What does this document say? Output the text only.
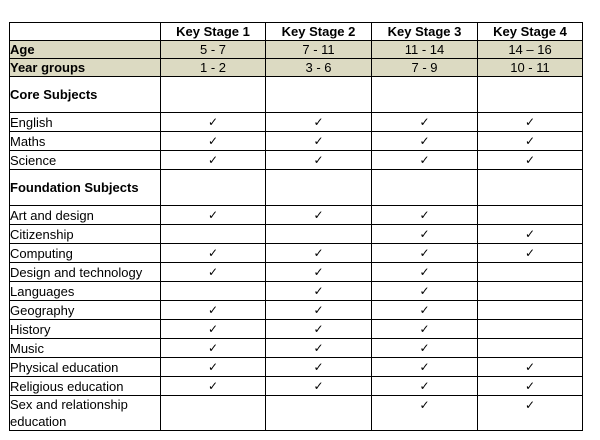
	Key Stage 1	Key Stage 2	Key Stage 3	Key Stage 4
Age	5 - 7	7 - 11	11 - 14	14 – 16
Year groups	1 - 2	3 - 6	7 - 9	10 - 11
Core Subjects				
English	✓	✓	✓	✓
Maths	✓	✓	✓	✓
Science	✓	✓	✓	✓
Foundation Subjects				
Art and design	✓	✓	✓	
Citizenship			✓	✓
Computing	✓	✓	✓	✓
Design and technology	✓	✓	✓	
Languages		✓	✓	
Geography	✓	✓	✓	
History	✓	✓	✓	
Music	✓	✓	✓	
Physical education	✓	✓	✓	✓
Religious education	✓	✓	✓	✓
Sex and relationship education			✓	✓
